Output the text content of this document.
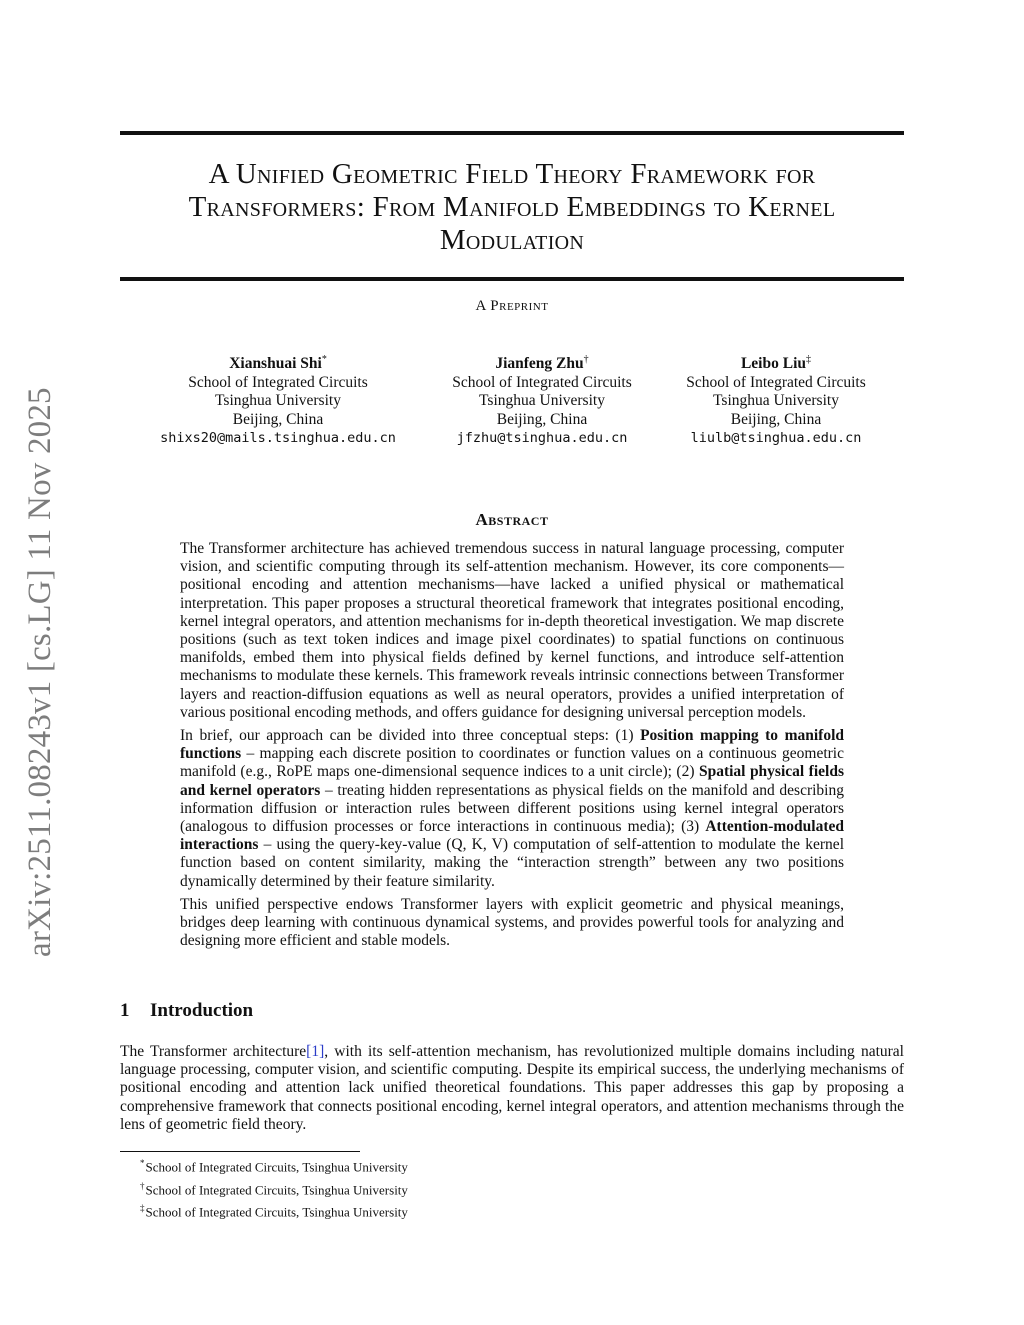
A Unified Geometric Field Theory Framework for
Transformers: From Manifold Embeddings to Kernel
Modulation
A Preprint
Xianshuai Shi*
School of Integrated Circuits
Tsinghua University
Beijing, China
shixs20@mails.tsinghua.edu.cn
Jianfeng Zhu†
School of Integrated Circuits
Tsinghua University
Beijing, China
jfzhu@tsinghua.edu.cn
Leibo Liu‡
School of Integrated Circuits
Tsinghua University
Beijing, China
liulb@tsinghua.edu.cn
arXiv:2511.08243v1 [cs.LG] 11 Nov 2025	Abstract

The Transformer architecture has achieved tremendous success in natural language processing, computer vision, and scientific computing through its self-attention mechanism. However, its core components—positional encoding and attention mechanisms—have lacked a unified physical or mathematical interpretation. This paper proposes a structural theoretical framework that integrates positional encoding, kernel integral operators, and attention mechanisms for in-depth theoretical investigation. We map discrete positions (such as text token indices and image pixel coordinates) to spatial functions on continuous manifolds, embed them into physical fields defined by kernel functions, and introduce self-attention mechanisms to modulate these kernels. This framework reveals intrinsic connections between Transformer layers and reaction-diffusion equations as well as neural operators, provides a unified interpretation of various positional encoding methods, and offers guidance for designing universal perception models.

In brief, our approach can be divided into three conceptual steps: (1) Position mapping to manifold functions – mapping each discrete position to coordinates or function values on a continuous geometric manifold (e.g., RoPE maps one-dimensional sequence indices to a unit circle); (2) Spatial physical fields and kernel operators – treating hidden representations as physical fields on the manifold and describing information diffusion or interaction rules between different positions using kernel integral operators (analogous to diffusion processes or force interactions in continuous media); (3) Attention-modulated interactions – using the query-key-value (Q, K, V) computation of self-attention to modulate the kernel function based on content similarity, making the “interaction strength” between any two positions dynamically determined by their feature similarity.

This unified perspective endows Transformer layers with explicit geometric and physical meanings, bridges deep learning with continuous dynamical systems, and provides powerful tools for analyzing and designing more efficient and stable models.

1 Introduction

The Transformer architecture[1], with its self-attention mechanism, has revolutionized multiple domains including natural language processing, computer vision, and scientific computing. Despite its empirical success, the underlying mechanisms of positional encoding and attention lack unified theoretical foundations. This paper addresses this gap by proposing a comprehensive framework that connects positional encoding, kernel integral operators, and attention mechanisms through the lens of geometric field theory.

*School of Integrated Circuits, Tsinghua University
†School of Integrated Circuits, Tsinghua University
‡School of Integrated Circuits, Tsinghua University
